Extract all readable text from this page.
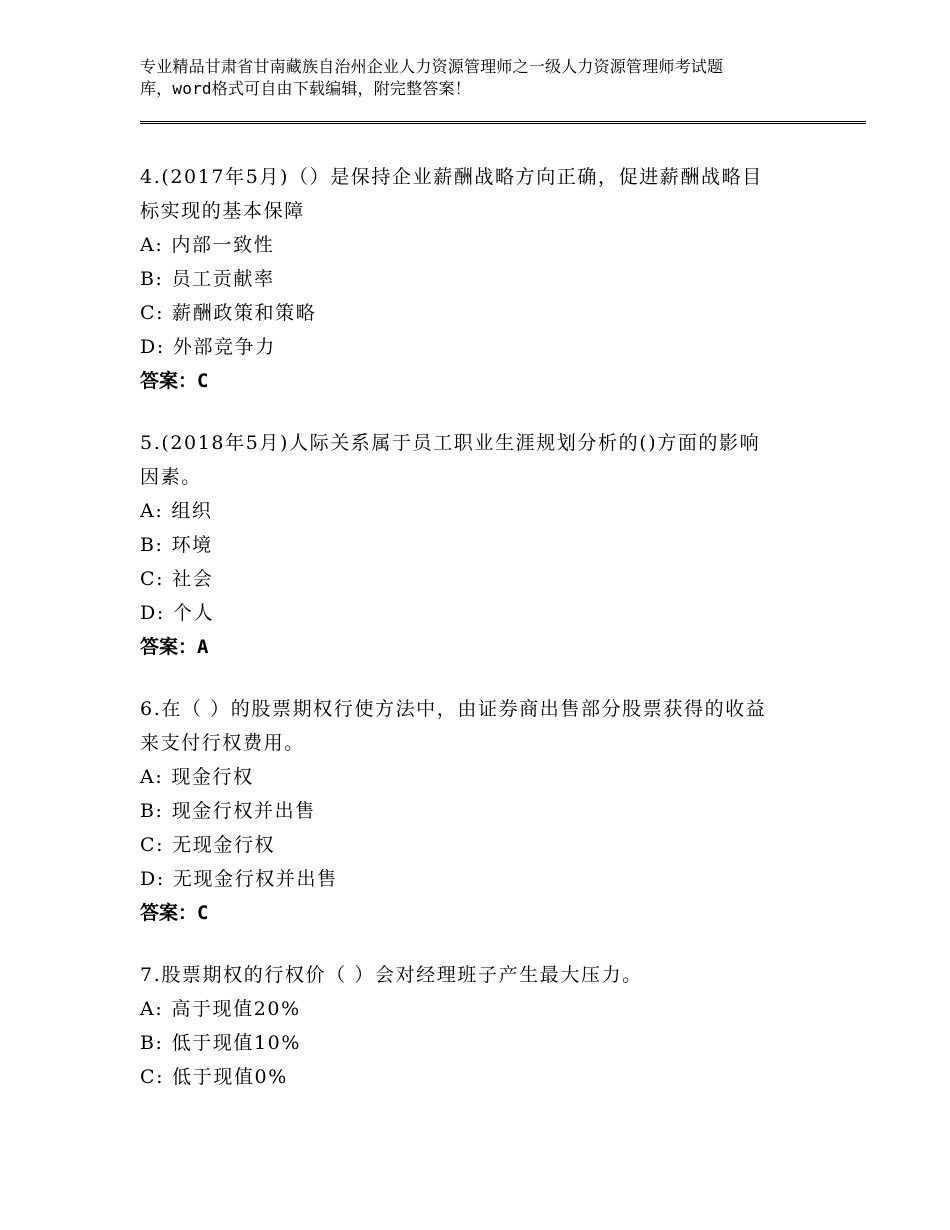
专业精品甘肃省甘南藏族自治州企业人力资源管理师之一级人力资源管理师考试题
库，word格式可自由下载编辑，附完整答案！
4.(2017年5月)（）是保持企业薪酬战略方向正确，促进薪酬战略目
标实现的基本保障
A: 内部一致性
B: 员工贡献率
C: 薪酬政策和策略
D: 外部竞争力
答案：C
5.(2018年5月)人际关系属于员工职业生涯规划分析的()方面的影响
因素。
A: 组织
B: 环境
C: 社会
D: 个人
答案：A
6.在（ ）的股票期权行使方法中，由证券商出售部分股票获得的收益
来支付行权费用。
A: 现金行权
B: 现金行权并出售
C: 无现金行权
D: 无现金行权并出售
答案：C
7.股票期权的行权价（ ）会对经理班子产生最大压力。
A: 高于现值20%
B: 低于现值10%
C: 低于现值0%
